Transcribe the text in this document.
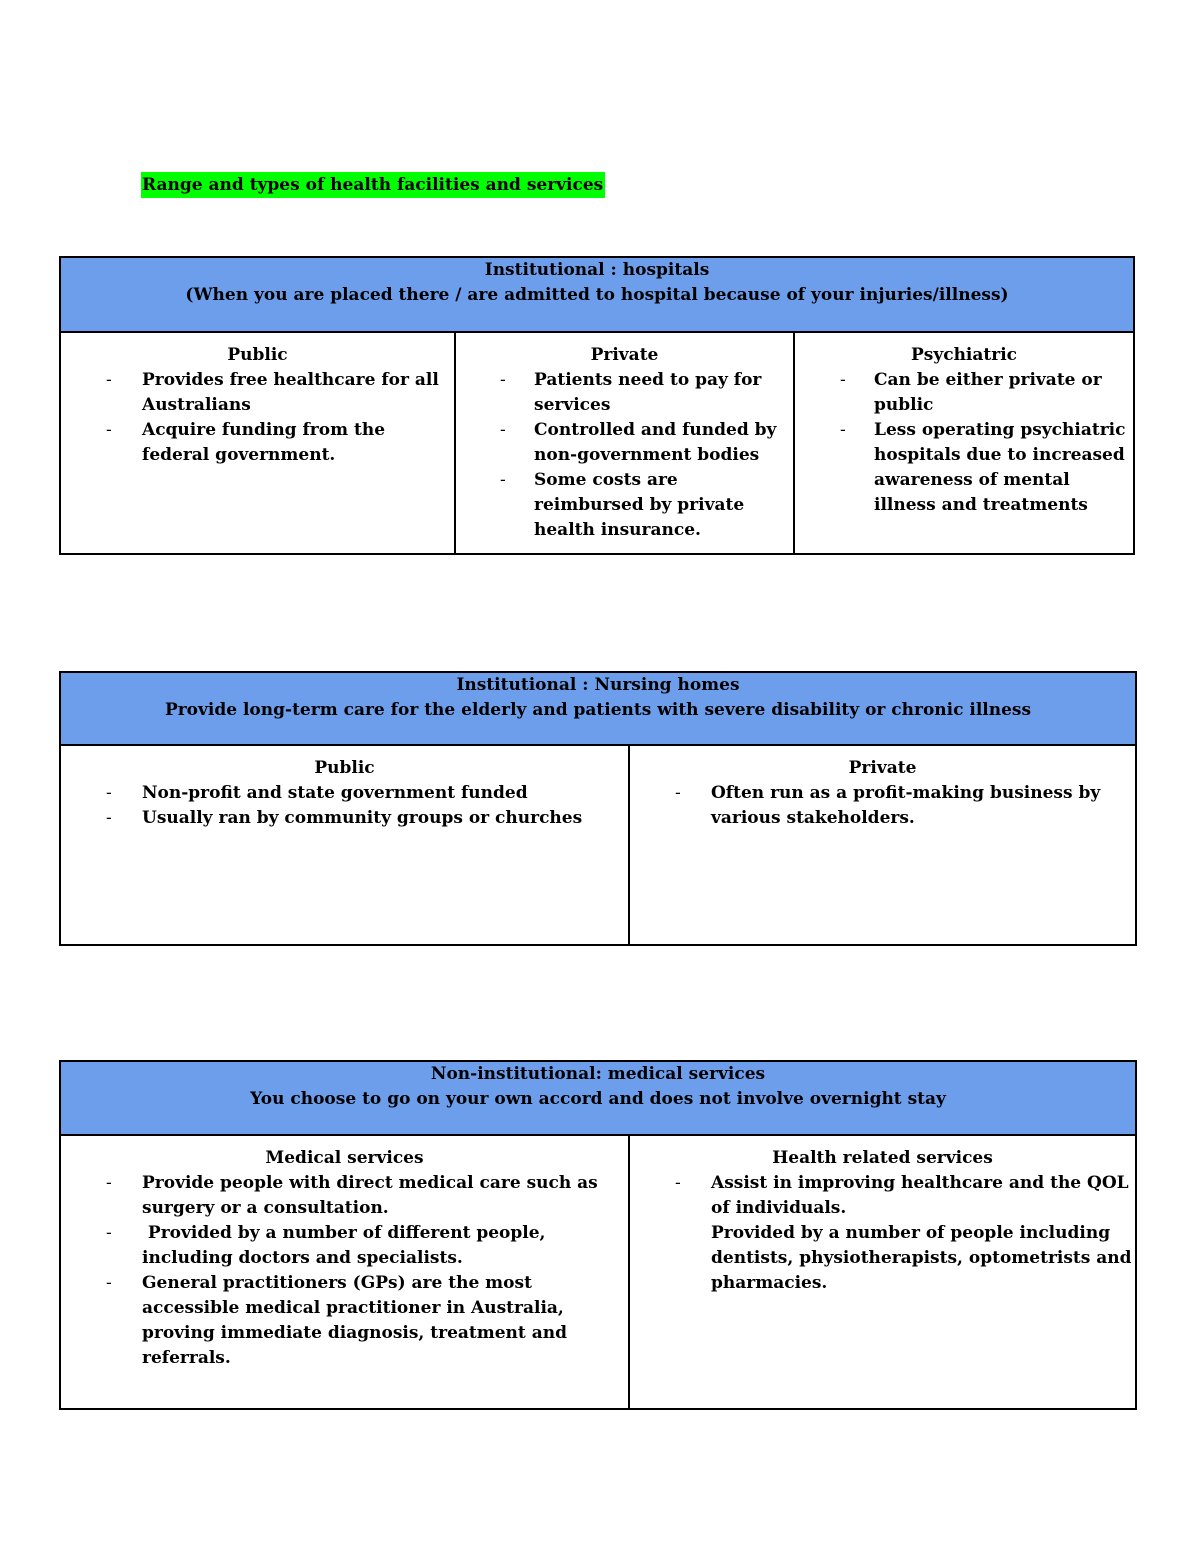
Range and types of health facilities and services
Institutional : hospitals
(When you are placed there / are admitted to hospital because of your injuries/illness)

Public
- Provides free healthcare for all Australians
- Acquire funding from the federal government.

Private
- Patients need to pay for services
- Controlled and funded by non-government bodies
- Some costs are reimbursed by private health insurance.

Psychiatric
- Can be either private or public
- Less operating psychiatric hospitals due to increased awareness of mental illness and treatments
Institutional : Nursing homes
Provide long-term care for the elderly and patients with severe disability or chronic illness

Public
- Non-profit and state government funded
- Usually ran by community groups or churches

Private
- Often run as a profit-making business by various stakeholders.
Non-institutional: medical services
You choose to go on your own accord and does not involve overnight stay

Medical services
- Provide people with direct medical care such as surgery or a consultation.
- Provided by a number of different people, including doctors and specialists.
- General practitioners (GPs) are the most accessible medical practitioner in Australia, proving immediate diagnosis, treatment and referrals.

Health related services
- Assist in improving healthcare and the QOL of individuals.
Provided by a number of people including dentists, physiotherapists, optometrists and pharmacies.
